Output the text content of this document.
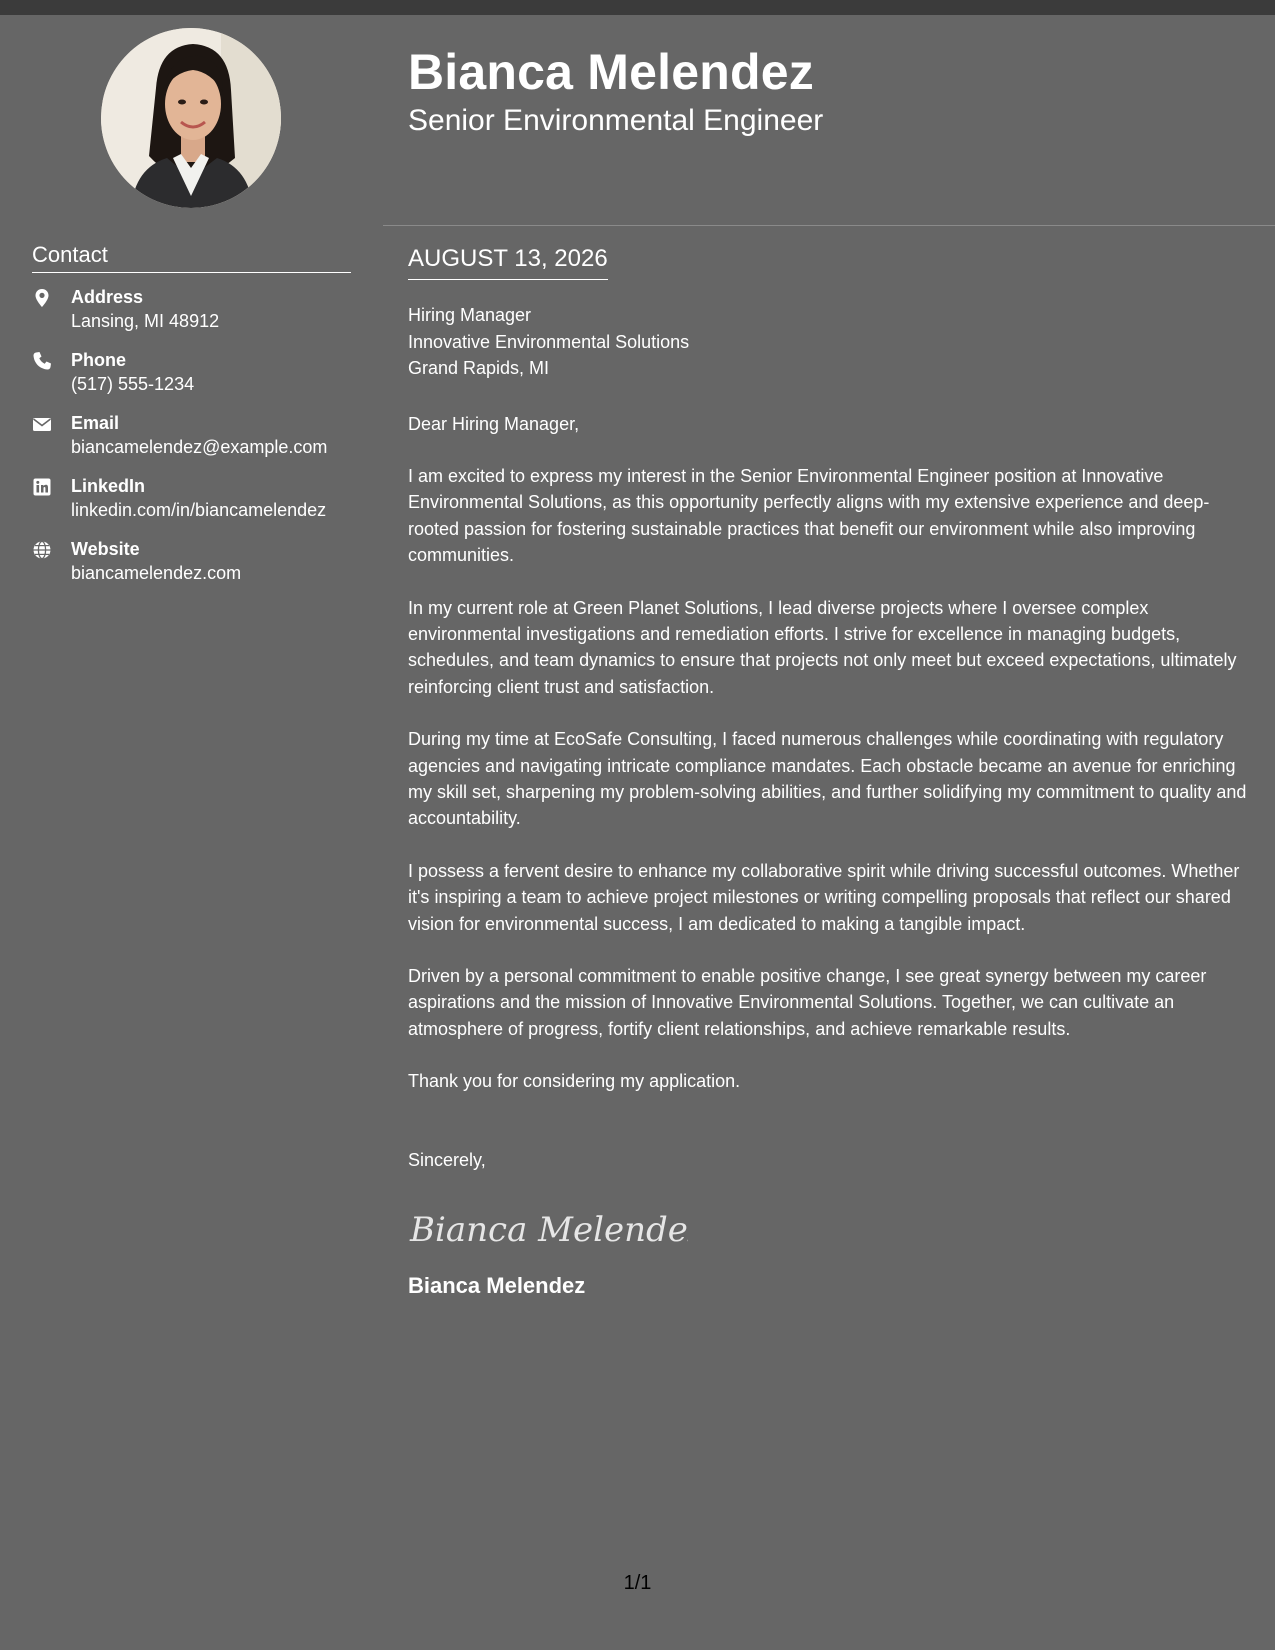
Contact
Address
Lansing, MI 48912
Phone
(517) 555-1234
Email
biancamelendez@example.com
LinkedIn
linkedin.com/in/biancamelendez
Website
biancamelendez.com
Bianca Melendez
Senior Environmental Engineer
AUGUST 13, 2026
Hiring Manager
Innovative Environmental Solutions
Grand Rapids, MI
Dear Hiring Manager,

I am excited to express my interest in the Senior Environmental Engineer position at Innovative Environmental Solutions, as this opportunity perfectly aligns with my extensive experience and deep-rooted passion for fostering sustainable practices that benefit our environment while also improving communities.

In my current role at Green Planet Solutions, I lead diverse projects where I oversee complex environmental investigations and remediation efforts. I strive for excellence in managing budgets, schedules, and team dynamics to ensure that projects not only meet but exceed expectations, ultimately reinforcing client trust and satisfaction.

During my time at EcoSafe Consulting, I faced numerous challenges while coordinating with regulatory agencies and navigating intricate compliance mandates. Each obstacle became an avenue for enriching my skill set, sharpening my problem-solving abilities, and further solidifying my commitment to quality and accountability.

I possess a fervent desire to enhance my collaborative spirit while driving successful outcomes. Whether it's inspiring a team to achieve project milestones or writing compelling proposals that reflect our shared vision for environmental success, I am dedicated to making a tangible impact.

Driven by a personal commitment to enable positive change, I see great synergy between my career aspirations and the mission of Innovative Environmental Solutions. Together, we can cultivate an atmosphere of progress, fortify client relationships, and achieve remarkable results.

Thank you for considering my application.

Sincerely,
Bianca Melendez
Bianca Melendez
1/1
